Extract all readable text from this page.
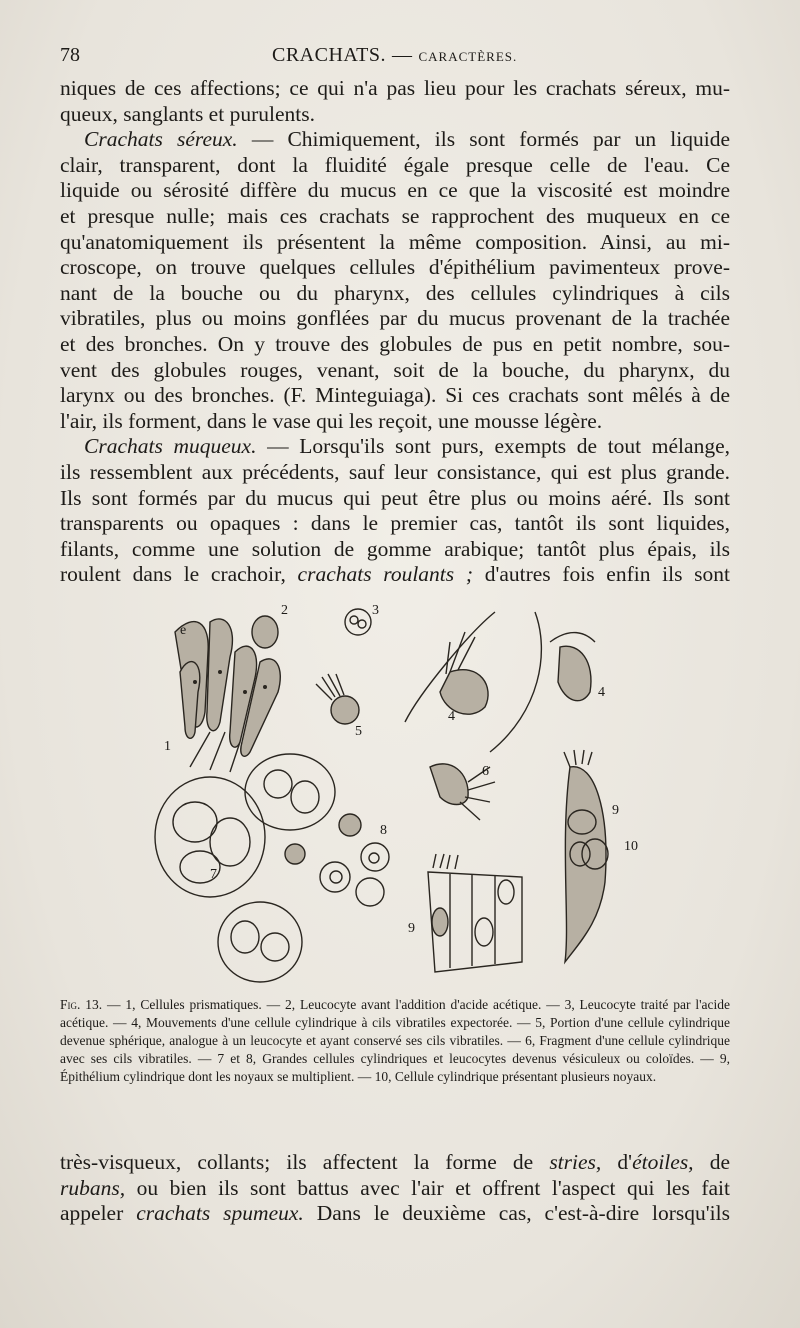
78	CRACHATS. — CARACTÈRES.
niques de ces affections; ce qui n'a pas lieu pour les crachats séreux, mu-
queux, sanglants et purulents.
Crachats séreux. — Chimiquement, ils sont formés par un liquide
clair, transparent, dont la fluidité égale presque celle de l'eau. Ce
liquide ou sérosité diffère du mucus en ce que la viscosité est moindre
et presque nulle; mais ces crachats se rapprochent des muqueux en ce
qu'anatomiquement ils présentent la même composition. Ainsi, au mi-
croscope, on trouve quelques cellules d'épithélium pavimenteux prove-
nant de la bouche ou du pharynx, des cellules cylindriques à cils
vibratiles, plus ou moins gonflées par du mucus provenant de la trachée
et des bronches. On y trouve des globules de pus en petit nombre, sou-
vent des globules rouges, venant, soit de la bouche, du pharynx, du
larynx ou des bronches. (F. Minteguiaga). Si ces crachats sont mêlés à de
l'air, ils forment, dans le vase qui les reçoit, une mousse légère.
Crachats muqueux. — Lorsqu'ils sont purs, exempts de tout mélange,
ils ressemblent aux précédents, sauf leur consistance, qui est plus grande.
Ils sont formés par du mucus qui peut être plus ou moins aéré. Ils sont
transparents ou opaques : dans le premier cas, tantôt ils sont liquides,
filants, comme une solution de gomme arabique; tantôt plus épais, ils
roulent dans le crachoir, crachats roulants ; d'autres fois enfin ils sont
1
2	3
4
4
5
6
7
8
9
9
10
e
Fig. 13. — 1, Cellules prismatiques. — 2, Leucocyte avant l'addition d'acide acétique. — 3, Leucocyte traité par l'acide acétique. — 4, Mouvements d'une cellule cylindrique à cils vibratiles expectorée. — 5, Portion d'une cellule cylindrique devenue sphérique, analogue à un leucocyte et ayant conservé ses cils vibratiles. — 6, Fragment d'une cellule cylindrique avec ses cils vibratiles. — 7 et 8, Grandes cellules cylindriques et leucocytes devenus vésiculeux ou coloïdes. — 9, Épithélium cylindrique dont les noyaux se multiplient. — 10, Cellule cylindrique présentant plusieurs noyaux.
très-visqueux, collants; ils affectent la forme de stries, d'étoiles, de
rubans, ou bien ils sont battus avec l'air et offrent l'aspect qui les fait
appeler crachats spumeux. Dans le deuxième cas, c'est-à-dire lorsqu'ils
